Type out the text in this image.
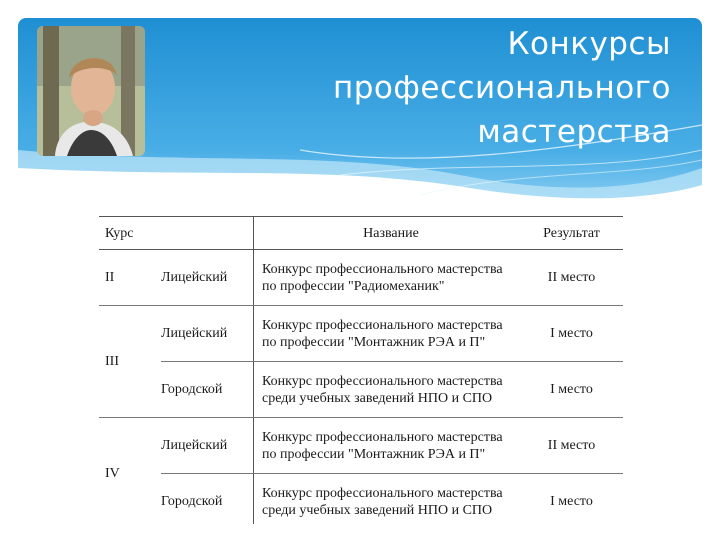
Конкурсы
профессионального
мастерства
Курс		Название	Результат
II	Лицейский	Конкурс профессионального мастерства по профессии "Радиомеханик"	II место
III	Лицейский	Конкурс профессионального мастерства по профессии "Монтажник РЭА и П"	I место
	Городской	Конкурс профессионального мастерства среди учебных заведений НПО и СПО	I место
IV	Лицейский	Конкурс профессионального мастерства по профессии "Монтажник РЭА и П"	II место
	Городской	Конкурс профессионального мастерства среди учебных заведений НПО и СПО	I место
